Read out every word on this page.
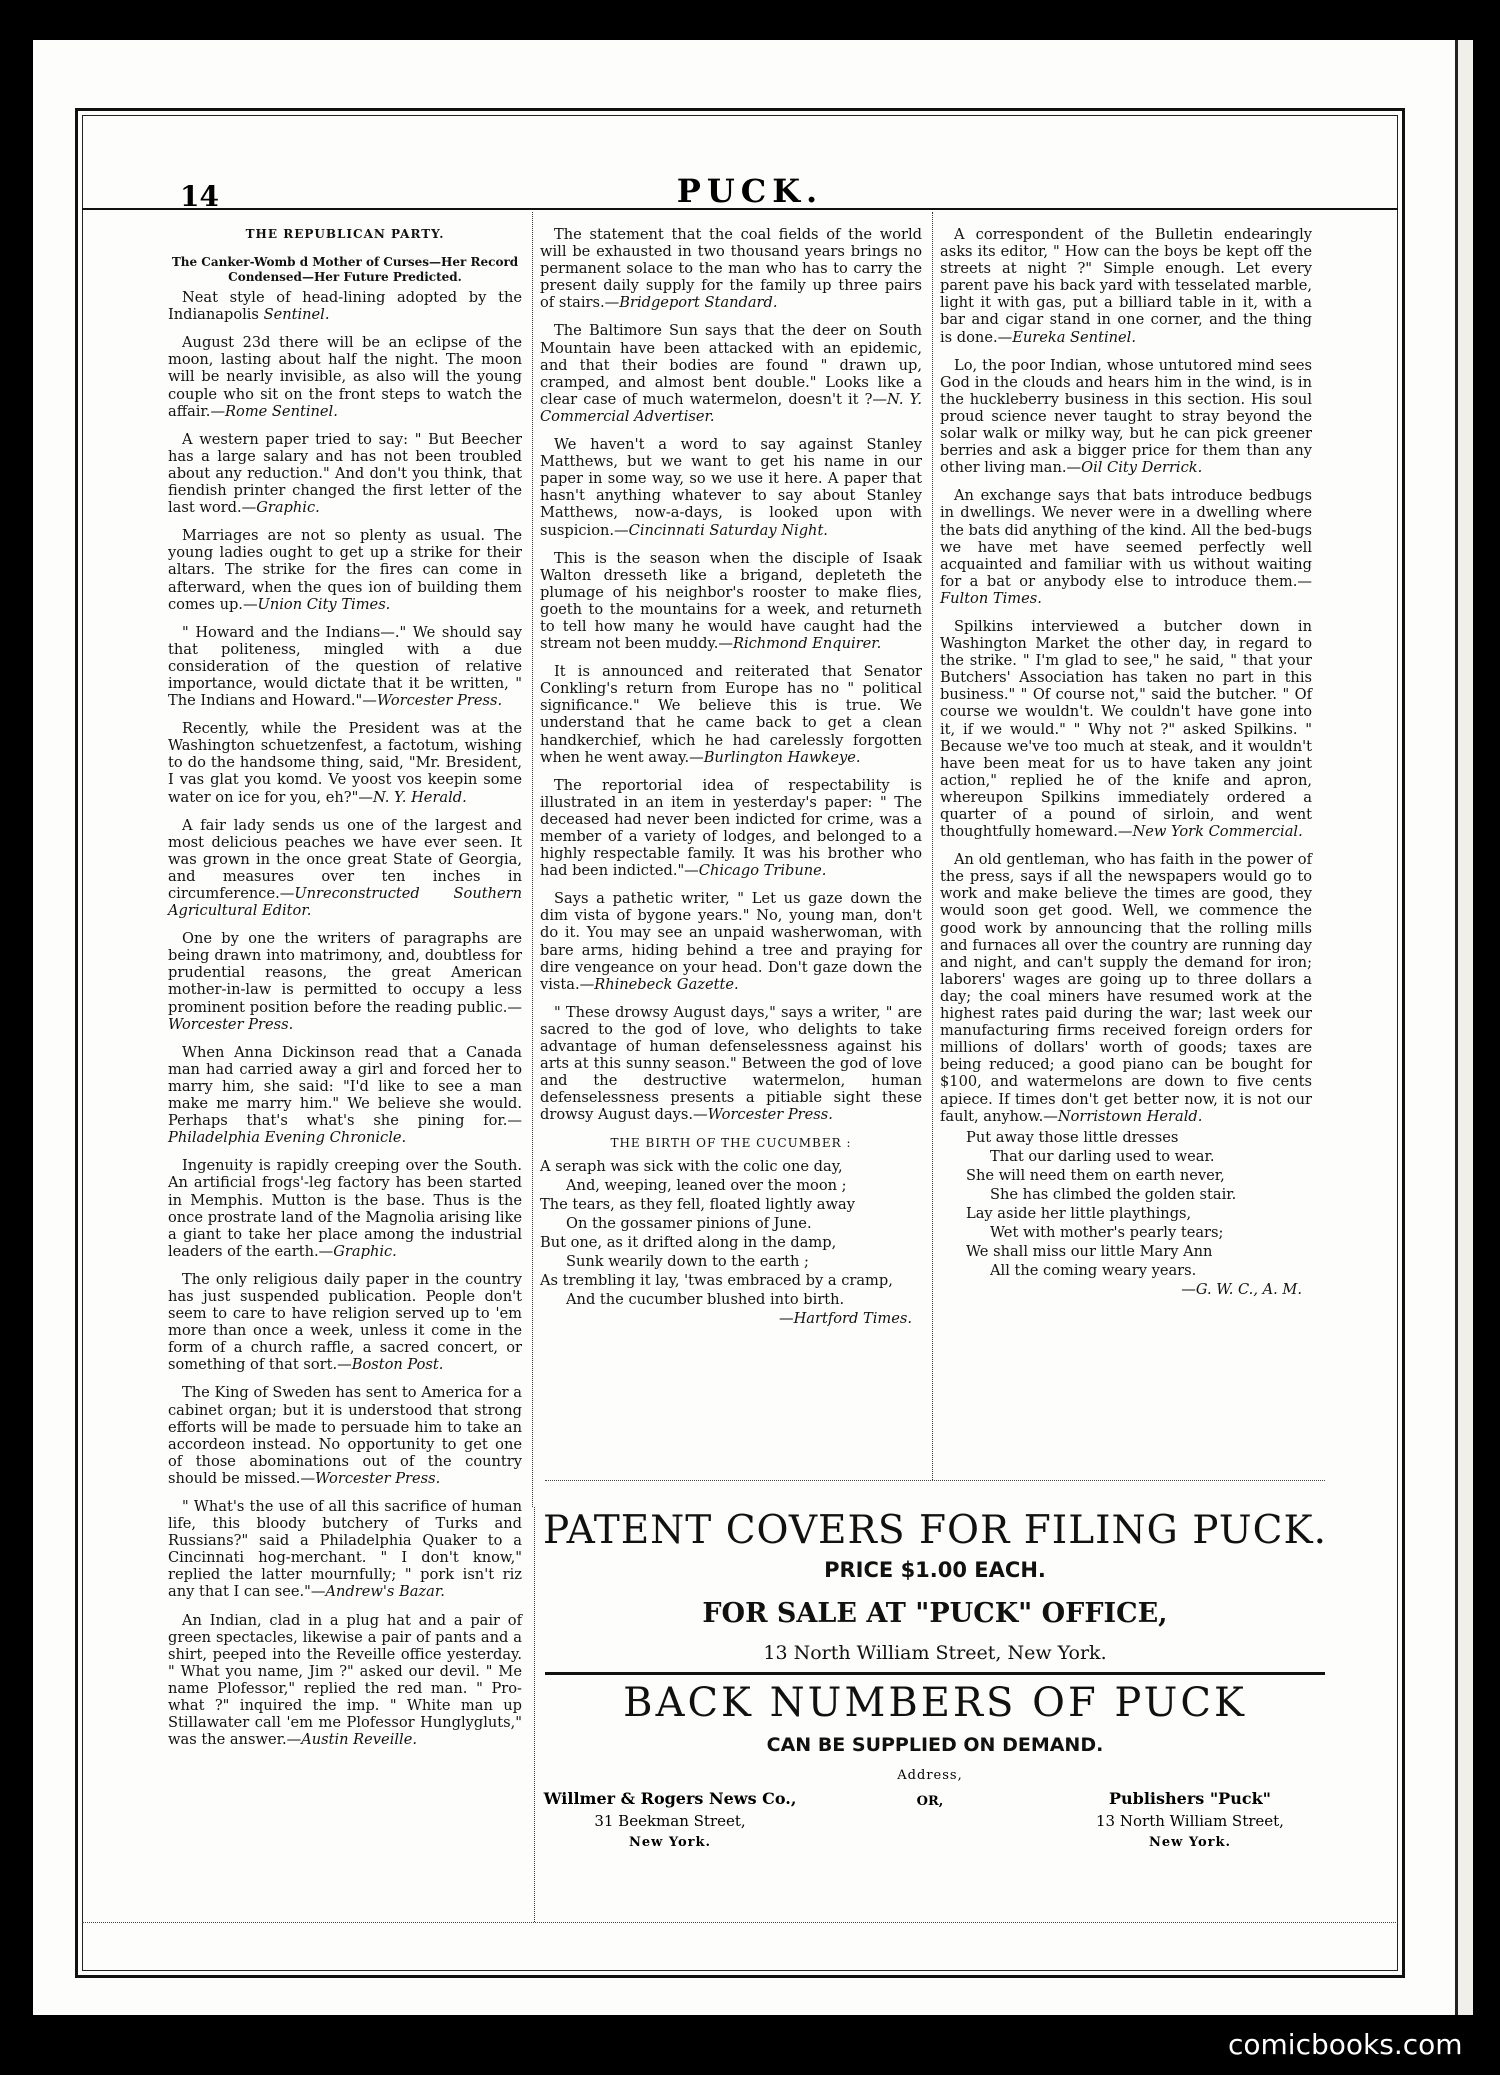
14	PUCK.

THE REPUBLICAN PARTY.

The Canker-Womb d Mother of Curses—Her Record Condensed—Her Future Predicted.

Neat style of head-lining adopted by the Indianapolis Sentinel.

August 23d there will be an eclipse of the moon, lasting about half the night. The moon will be nearly invisible, as also will the young couple who sit on the front steps to watch the affair.—Rome Sentinel.

A western paper tried to say: " But Beecher has a large salary and has not been troubled about any reduction." And don't you think, that fiendish printer changed the first letter of the last word.—Graphic.

Marriages are not so plenty as usual. The young ladies ought to get up a strike for their altars. The strike for the fires can come in afterward, when the ques ion of building them comes up.—Union City Times.

" Howard and the Indians—." We should say that politeness, mingled with a due consideration of the question of relative importance, would dictate that it be written, " The Indians and Howard."—Worcester Press.

Recently, while the President was at the Washington schuetzenfest, a factotum, wishing to do the handsome thing, said, "Mr. Bresident, I vas glat you komd. Ve yoost vos keepin some water on ice for you, eh?"—N. Y. Herald.

A fair lady sends us one of the largest and most delicious peaches we have ever seen. It was grown in the once great State of Georgia, and measures over ten inches in circumference.—Unreconstructed Southern Agricultural Editor.

One by one the writers of paragraphs are being drawn into matrimony, and, doubtless for prudential reasons, the great American mother-in-law is permitted to occupy a less prominent position before the reading public.—Worcester Press.

When Anna Dickinson read that a Canada man had carried away a girl and forced her to marry him, she said: "I'd like to see a man make me marry him." We believe she would. Perhaps that's what's she pining for.—Philadelphia Evening Chronicle.

Ingenuity is rapidly creeping over the South. An artificial frogs'-leg factory has been started in Memphis. Mutton is the base. Thus is the once prostrate land of the Magnolia arising like a giant to take her place among the industrial leaders of the earth.—Graphic.

The only religious daily paper in the country has just suspended publication. People don't seem to care to have religion served up to 'em more than once a week, unless it come in the form of a church raffle, a sacred concert, or something of that sort.—Boston Post.

The King of Sweden has sent to America for a cabinet organ; but it is understood that strong efforts will be made to persuade him to take an accordeon instead. No opportunity to get one of those abominations out of the country should be missed.—Worcester Press.

" What's the use of all this sacrifice of human life, this bloody butchery of Turks and Russians?" said a Philadelphia Quaker to a Cincinnati hog-merchant. " I don't know," replied the latter mournfully; " pork isn't riz any that I can see."—Andrew's Bazar.

An Indian, clad in a plug hat and a pair of green spectacles, likewise a pair of pants and a shirt, peeped into the Reveille office yesterday. " What you name, Jim ?" asked our devil. " Me name Plofessor," replied the red man. " Pro- what ?" inquired the imp. " White man up Stillawater call 'em me Plofessor Hunglygluts," was the answer.—Austin Reveille.

The statement that the coal fields of the world will be exhausted in two thousand years brings no permanent solace to the man who has to carry the present daily supply for the family up three pairs of stairs.—Bridgeport Standard.

The Baltimore Sun says that the deer on South Mountain have been attacked with an epidemic, and that their bodies are found " drawn up, cramped, and almost bent double." Looks like a clear case of much watermelon, doesn't it ?—N. Y. Commercial Advertiser.

We haven't a word to say against Stanley Matthews, but we want to get his name in our paper in some way, so we use it here. A paper that hasn't anything whatever to say about Stanley Matthews, now-a-days, is looked upon with suspicion.—Cincinnati Saturday Night.

This is the season when the disciple of Isaak Walton dresseth like a brigand, depleteth the plumage of his neighbor's rooster to make flies, goeth to the mountains for a week, and returneth to tell how many he would have caught had the stream not been muddy.—Richmond Enquirer.

It is announced and reiterated that Senator Conkling's return from Europe has no " political significance." We believe this is true. We understand that he came back to get a clean handkerchief, which he had carelessly forgotten when he went away.—Burlington Hawkeye.

The reportorial idea of respectability is illustrated in an item in yesterday's paper: " The deceased had never been indicted for crime, was a member of a variety of lodges, and belonged to a highly respectable family. It was his brother who had been indicted."—Chicago Tribune.

Says a pathetic writer, " Let us gaze down the dim vista of bygone years." No, young man, don't do it. You may see an unpaid washerwoman, with bare arms, hiding behind a tree and praying for dire vengeance on your head. Don't gaze down the vista.—Rhinebeck Gazette.

" These drowsy August days," says a writer, " are sacred to the god of love, who delights to take advantage of human defenselessness against his arts at this sunny season." Between the god of love and the destructive watermelon, human defenselessness presents a pitiable sight these drowsy August days.—Worcester Press.

THE BIRTH OF THE CUCUMBER :

A seraph was sick with the colic one day,

And, weeping, leaned over the moon ;

The tears, as they fell, floated lightly away

On the gossamer pinions of June.

But one, as it drifted along in the damp,

Sunk wearily down to the earth ;

As trembling it lay, 'twas embraced by a cramp,

And the cucumber blushed into birth.

—Hartford Times.

A correspondent of the Bulletin endearingly asks its editor, " How can the boys be kept off the streets at night ?" Simple enough. Let every parent pave his back yard with tesselated marble, light it with gas, put a billiard table in it, with a bar and cigar stand in one corner, and the thing is done.—Eureka Sentinel.

Lo, the poor Indian, whose untutored mind sees God in the clouds and hears him in the wind, is in the huckleberry business in this section. His soul proud science never taught to stray beyond the solar walk or milky way, but he can pick greener berries and ask a bigger price for them than any other living man.—Oil City Derrick.

An exchange says that bats introduce bedbugs in dwellings. We never were in a dwelling where the bats did anything of the kind. All the bed-bugs we have met have seemed perfectly well acquainted and familiar with us without waiting for a bat or anybody else to introduce them.—Fulton Times.

Spilkins interviewed a butcher down in Washington Market the other day, in regard to the strike. " I'm glad to see," he said, " that your Butchers' Association has taken no part in this business." " Of course not," said the butcher. " Of course we wouldn't. We couldn't have gone into it, if we would." " Why not ?" asked Spilkins. " Because we've too much at steak, and it wouldn't have been meat for us to have taken any joint action," replied he of the knife and apron, whereupon Spilkins immediately ordered a quarter of a pound of sirloin, and went thoughtfully homeward.—New York Commercial.

An old gentleman, who has faith in the power of the press, says if all the newspapers would go to work and make believe the times are good, they would soon get good. Well, we commence the good work by announcing that the rolling mills and furnaces all over the country are running day and night, and can't supply the demand for iron; laborers' wages are going up to three dollars a day; the coal miners have resumed work at the highest rates paid during the war; last week our manufacturing firms received foreign orders for millions of dollars' worth of goods; taxes are being reduced; a good piano can be bought for $100, and watermelons are down to five cents apiece. If times don't get better now, it is not our fault, anyhow.—Norristown Herald.

Put away those little dresses

That our darling used to wear.

She will need them on earth never,

She has climbed the golden stair.

Lay aside her little playthings,

Wet with mother's pearly tears;

We shall miss our little Mary Ann

All the coming weary years.

—G. W. C., A. M.

PATENT COVERS FOR FILING PUCK.
PRICE $1.00 EACH.
FOR SALE AT "PUCK" OFFICE,
13 North William Street, New York.
BACK NUMBERS OF PUCK
CAN BE SUPPLIED ON DEMAND.
Address,
OR,
Willmer & Rogers News Co.,
31 Beekman Street,
New York.
Publishers "Puck"
13 North William Street,
New York.
comicbooks.com
